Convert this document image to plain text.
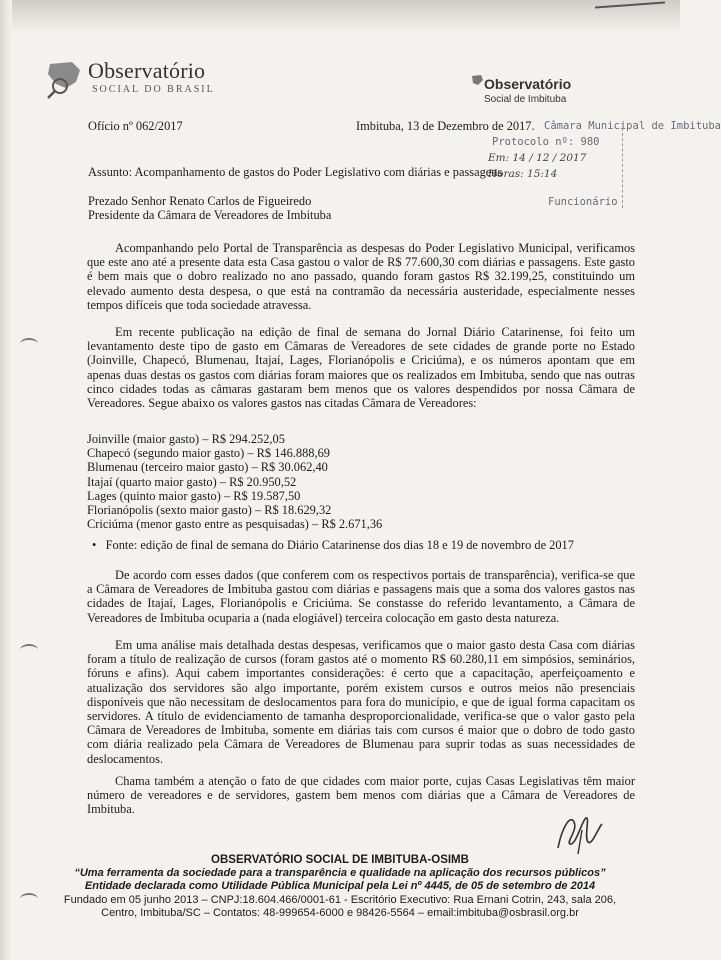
Observatório
SOCIAL DO BRASIL	Observatório
Social de Imbituba
Ofício nº 062/2017	Imbituba, 13 de Dezembro de 2017. Câmara Municipal de Imbituba
Protocolo nº: 980
Em: 14 / 12 / 2017
Horas: 15:14
Funcionário
Assunto: Acompanhamento de gastos do Poder Legislativo com diárias e passagens
Prezado Senhor Renato Carlos de Figueiredo
Presidente da Câmara de Vereadores de Imbituba
Acompanhando pelo Portal de Transparência as despesas do Poder Legislativo Municipal, verificamos que este ano até a presente data esta Casa gastou o valor de R$ 77.600,30 com diárias e passagens. Este gasto é bem mais que o dobro realizado no ano passado, quando foram gastos R$ 32.199,25, constituindo um elevado aumento desta despesa, o que está na contramão da necessária austeridade, especialmente nesses tempos difíceis que toda sociedade atravessa.
Em recente publicação na edição de final de semana do Jornal Diário Catarinense, foi feito um levantamento deste tipo de gasto em Câmaras de Vereadores de sete cidades de grande porte no Estado (Joinville, Chapecó, Blumenau, Itajaí, Lages, Florianópolis e Criciúma), e os números apontam que em apenas duas destas os gastos com diárias foram maiores que os realizados em Imbituba, sendo que nas outras cinco cidades todas as câmaras gastaram bem menos que os valores despendidos por nossa Câmara de Vereadores. Segue abaixo os valores gastos nas citadas Câmara de Vereadores:
Joinville (maior gasto) – R$ 294.252,05
Chapecó (segundo maior gasto) – R$ 146.888,69
Blumenau (terceiro maior gasto) – R$ 30.062,40
Itajaí (quarto maior gasto) – R$ 20.950,52
Lages (quinto maior gasto) – R$ 19.587,50
Florianópolis (sexto maior gasto) – R$ 18.629,32
Criciúma (menor gasto entre as pesquisadas) – R$ 2.671,36
•   Fonte: edição de final de semana do Diário Catarinense dos dias 18 e 19 de novembro de 2017
De acordo com esses dados (que conferem com os respectivos portais de transparência), verifica-se que a Câmara de Vereadores de Imbituba gastou com diárias e passagens mais que a soma dos valores gastos nas cidades de Itajaí, Lages, Florianópolis e Criciúma. Se constasse do referido levantamento, a Câmara de Vereadores de Imbituba ocuparia a (nada elogiável) terceira colocação em gasto desta natureza.
Em uma análise mais detalhada destas despesas, verificamos que o maior gasto desta Casa com diárias foram a título de realização de cursos (foram gastos até o momento R$ 60.280,11 em simpósios, seminários, fóruns e afins). Aqui cabem importantes considerações: é certo que a capacitação, aperfeiçoamento e atualização dos servidores são algo importante, porém existem cursos e outros meios não presenciais disponíveis que não necessitam de deslocamentos para fora do município, e que de igual forma capacitam os servidores. A título de evidenciamento de tamanha desproporcionalidade, verifica-se que o valor gasto pela Câmara de Vereadores de Imbituba, somente em diárias tais com cursos é maior que o dobro de todo gasto com diária realizado pela Câmara de Vereadores de Blumenau para suprir todas as suas necessidades de deslocamentos.
Chama também a atenção o fato de que cidades com maior porte, cujas Casas Legislativas têm maior número de vereadores e de servidores, gastem bem menos com diárias que a Câmara de Vereadores de Imbituba.
OBSERVATÓRIO SOCIAL DE IMBITUBA-OSIMB
“Uma ferramenta da sociedade para a transparência e qualidade na aplicação dos recursos públicos”
Entidade declarada como Utilidade Pública Municipal pela Lei nº 4445, de 05 de setembro de 2014
Fundado em 05 junho 2013 – CNPJ:18.604.466/0001-61 - Escritório Executivo: Rua Ernani Cotrin, 243, sala 206,
Centro, Imbituba/SC – Contatos: 48-999654-6000 e 98426-5564 – email:imbituba@osbrasil.org.br
